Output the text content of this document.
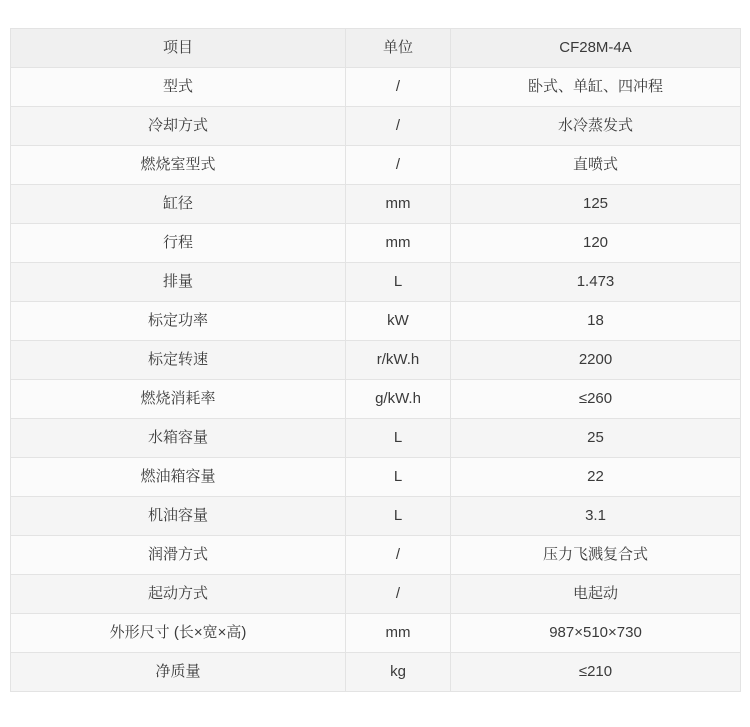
项目	单位	CF28M-4A
型式	/	卧式、单缸、四冲程
冷却方式	/	水冷蒸发式
燃烧室型式	/	直喷式
缸径	mm	125
行程	mm	120
排量	L	1.473
标定功率	kW	18
标定转速	r/kW.h	2200
燃烧消耗率	g/kW.h	≤260
水箱容量	L	25
燃油箱容量	L	22
机油容量	L	3.1
润滑方式	/	压力飞溅复合式
起动方式	/	电起动
外形尺寸 (长×宽×高)	mm	987×510×730
净质量	kg	≤210
